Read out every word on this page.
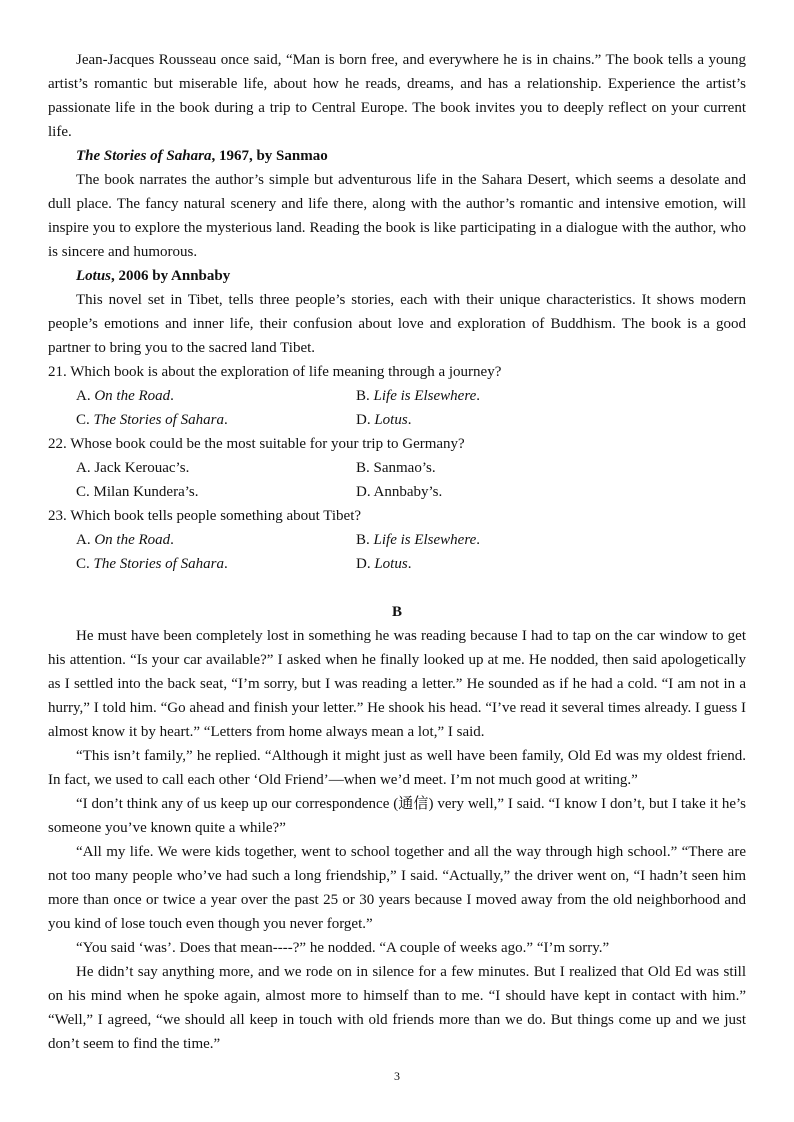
Jean-Jacques Rousseau once said, “Man is born free, and everywhere he is in chains.” The book tells a young artist’s romantic but miserable life, about how he reads, dreams, and has a relationship. Experience the artist’s passionate life in the book during a trip to Central Europe. The book invites you to deeply reflect on your current life.

The Stories of Sahara, 1967, by Sanmao

The book narrates the author’s simple but adventurous life in the Sahara Desert, which seems a desolate and dull place. The fancy natural scenery and life there, along with the author’s romantic and intensive emotion, will inspire you to explore the mysterious land. Reading the book is like participating in a dialogue with the author, who is sincere and humorous.

Lotus, 2006 by Annbaby

This novel set in Tibet, tells three people’s stories, each with their unique characteristics. It shows modern people’s emotions and inner life, their confusion about love and exploration of Buddhism. The book is a good partner to bring you to the sacred land Tibet.

21. Which book is about the exploration of life meaning through a journey?

A. On the Road.	B. Life is Elsewhere.
C. The Stories of Sahara.	D. Lotus.

22. Whose book could be the most suitable for your trip to Germany?

A. Jack Kerouac’s.	B. Sanmao’s.
C. Milan Kundera’s.	D. Annbaby’s.

23. Which book tells people something about Tibet?

A. On the Road.	B. Life is Elsewhere.
C. The Stories of Sahara.	D. Lotus.

B

He must have been completely lost in something he was reading because I had to tap on the car window to get his attention. “Is your car available?” I asked when he finally looked up at me. He nodded, then said apologetically as I settled into the back seat, “I’m sorry, but I was reading a letter.” He sounded as if he had a cold. “I am not in a hurry,” I told him. “Go ahead and finish your letter.” He shook his head. “I’ve read it several times already. I guess I almost know it by heart.” “Letters from home always mean a lot,” I said.

“This isn’t family,” he replied. “Although it might just as well have been family, Old Ed was my oldest friend. In fact, we used to call each other ‘Old Friend’—when we’d meet. I’m not much good at writing.”

“I don’t think any of us keep up our correspondence (通信) very well,” I said. “I know I don’t, but I take it he’s someone you’ve known quite a while?”

“All my life. We were kids together, went to school together and all the way through high school.” “There are not too many people who’ve had such a long friendship,” I said. “Actually,” the driver went on, “I hadn’t seen him more than once or twice a year over the past 25 or 30 years because I moved away from the old neighborhood and you kind of lose touch even though you never forget.”

“You said ‘was’. Does that mean----?” he nodded. “A couple of weeks ago.” “I’m sorry.”

He didn’t say anything more, and we rode on in silence for a few minutes. But I realized that Old Ed was still on his mind when he spoke again, almost more to himself than to me. “I should have kept in contact with him.” “Well,” I agreed, “we should all keep in touch with old friends more than we do. But things come up and we just don’t seem to find the time.”

3
